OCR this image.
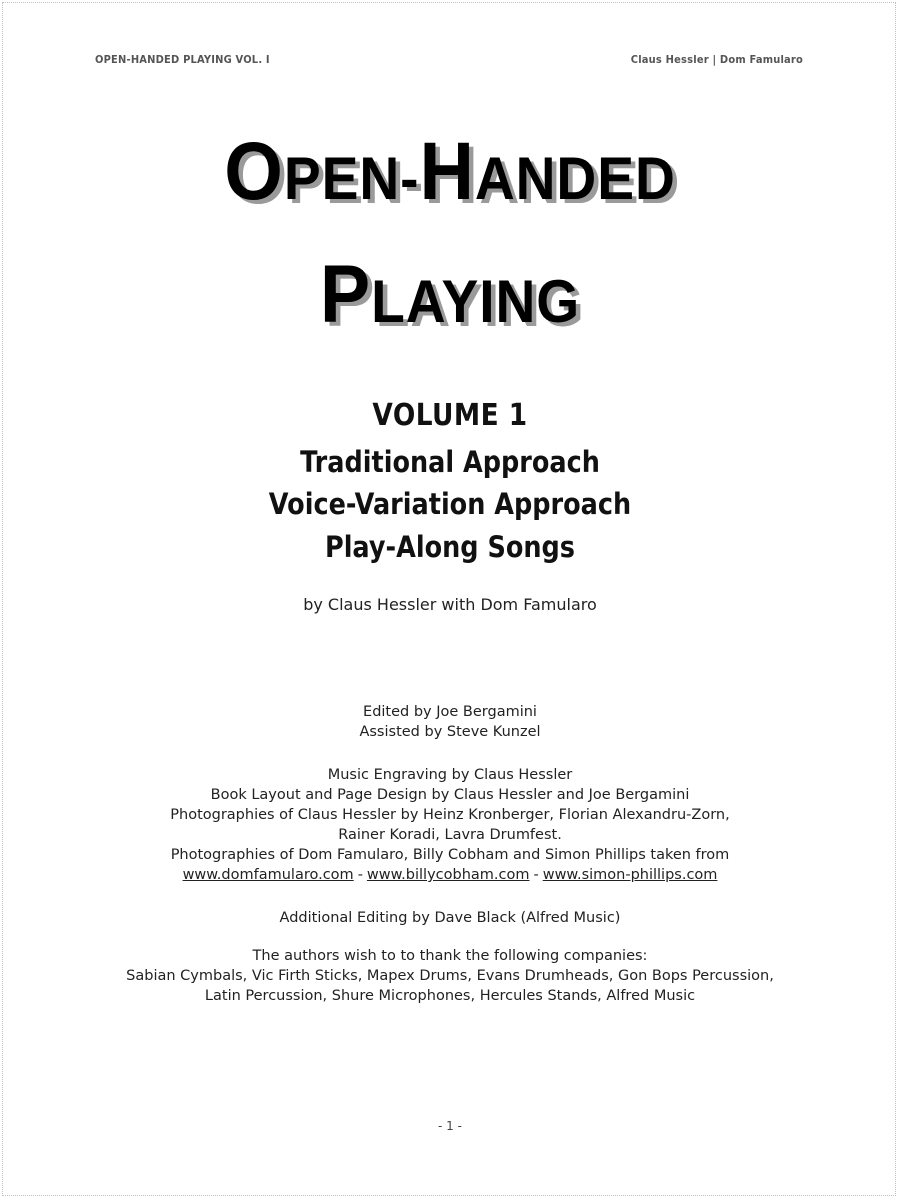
OPEN-HANDED PLAYING VOL. I	Claus Hessler | Dom Famularo
OPEN-HANDED
PLAYING
VOLUME 1
Traditional Approach
Voice-Variation Approach
Play-Along Songs
by Claus Hessler with Dom Famularo
Edited by Joe Bergamini
Assisted by Steve Kunzel
Music Engraving by Claus Hessler
Book Layout and Page Design by Claus Hessler and Joe Bergamini
Photographies of Claus Hessler by Heinz Kronberger, Florian Alexandru-Zorn,
Rainer Koradi, Lavra Drumfest.
Photographies of Dom Famularo, Billy Cobham and Simon Phillips taken from
www.domfamularo.com - www.billycobham.com - www.simon-phillips.com
Additional Editing by Dave Black (Alfred Music)
The authors wish to to thank the following companies:
Sabian Cymbals, Vic Firth Sticks, Mapex Drums, Evans Drumheads, Gon Bops Percussion,
Latin Percussion, Shure Microphones, Hercules Stands, Alfred Music
- 1 -
